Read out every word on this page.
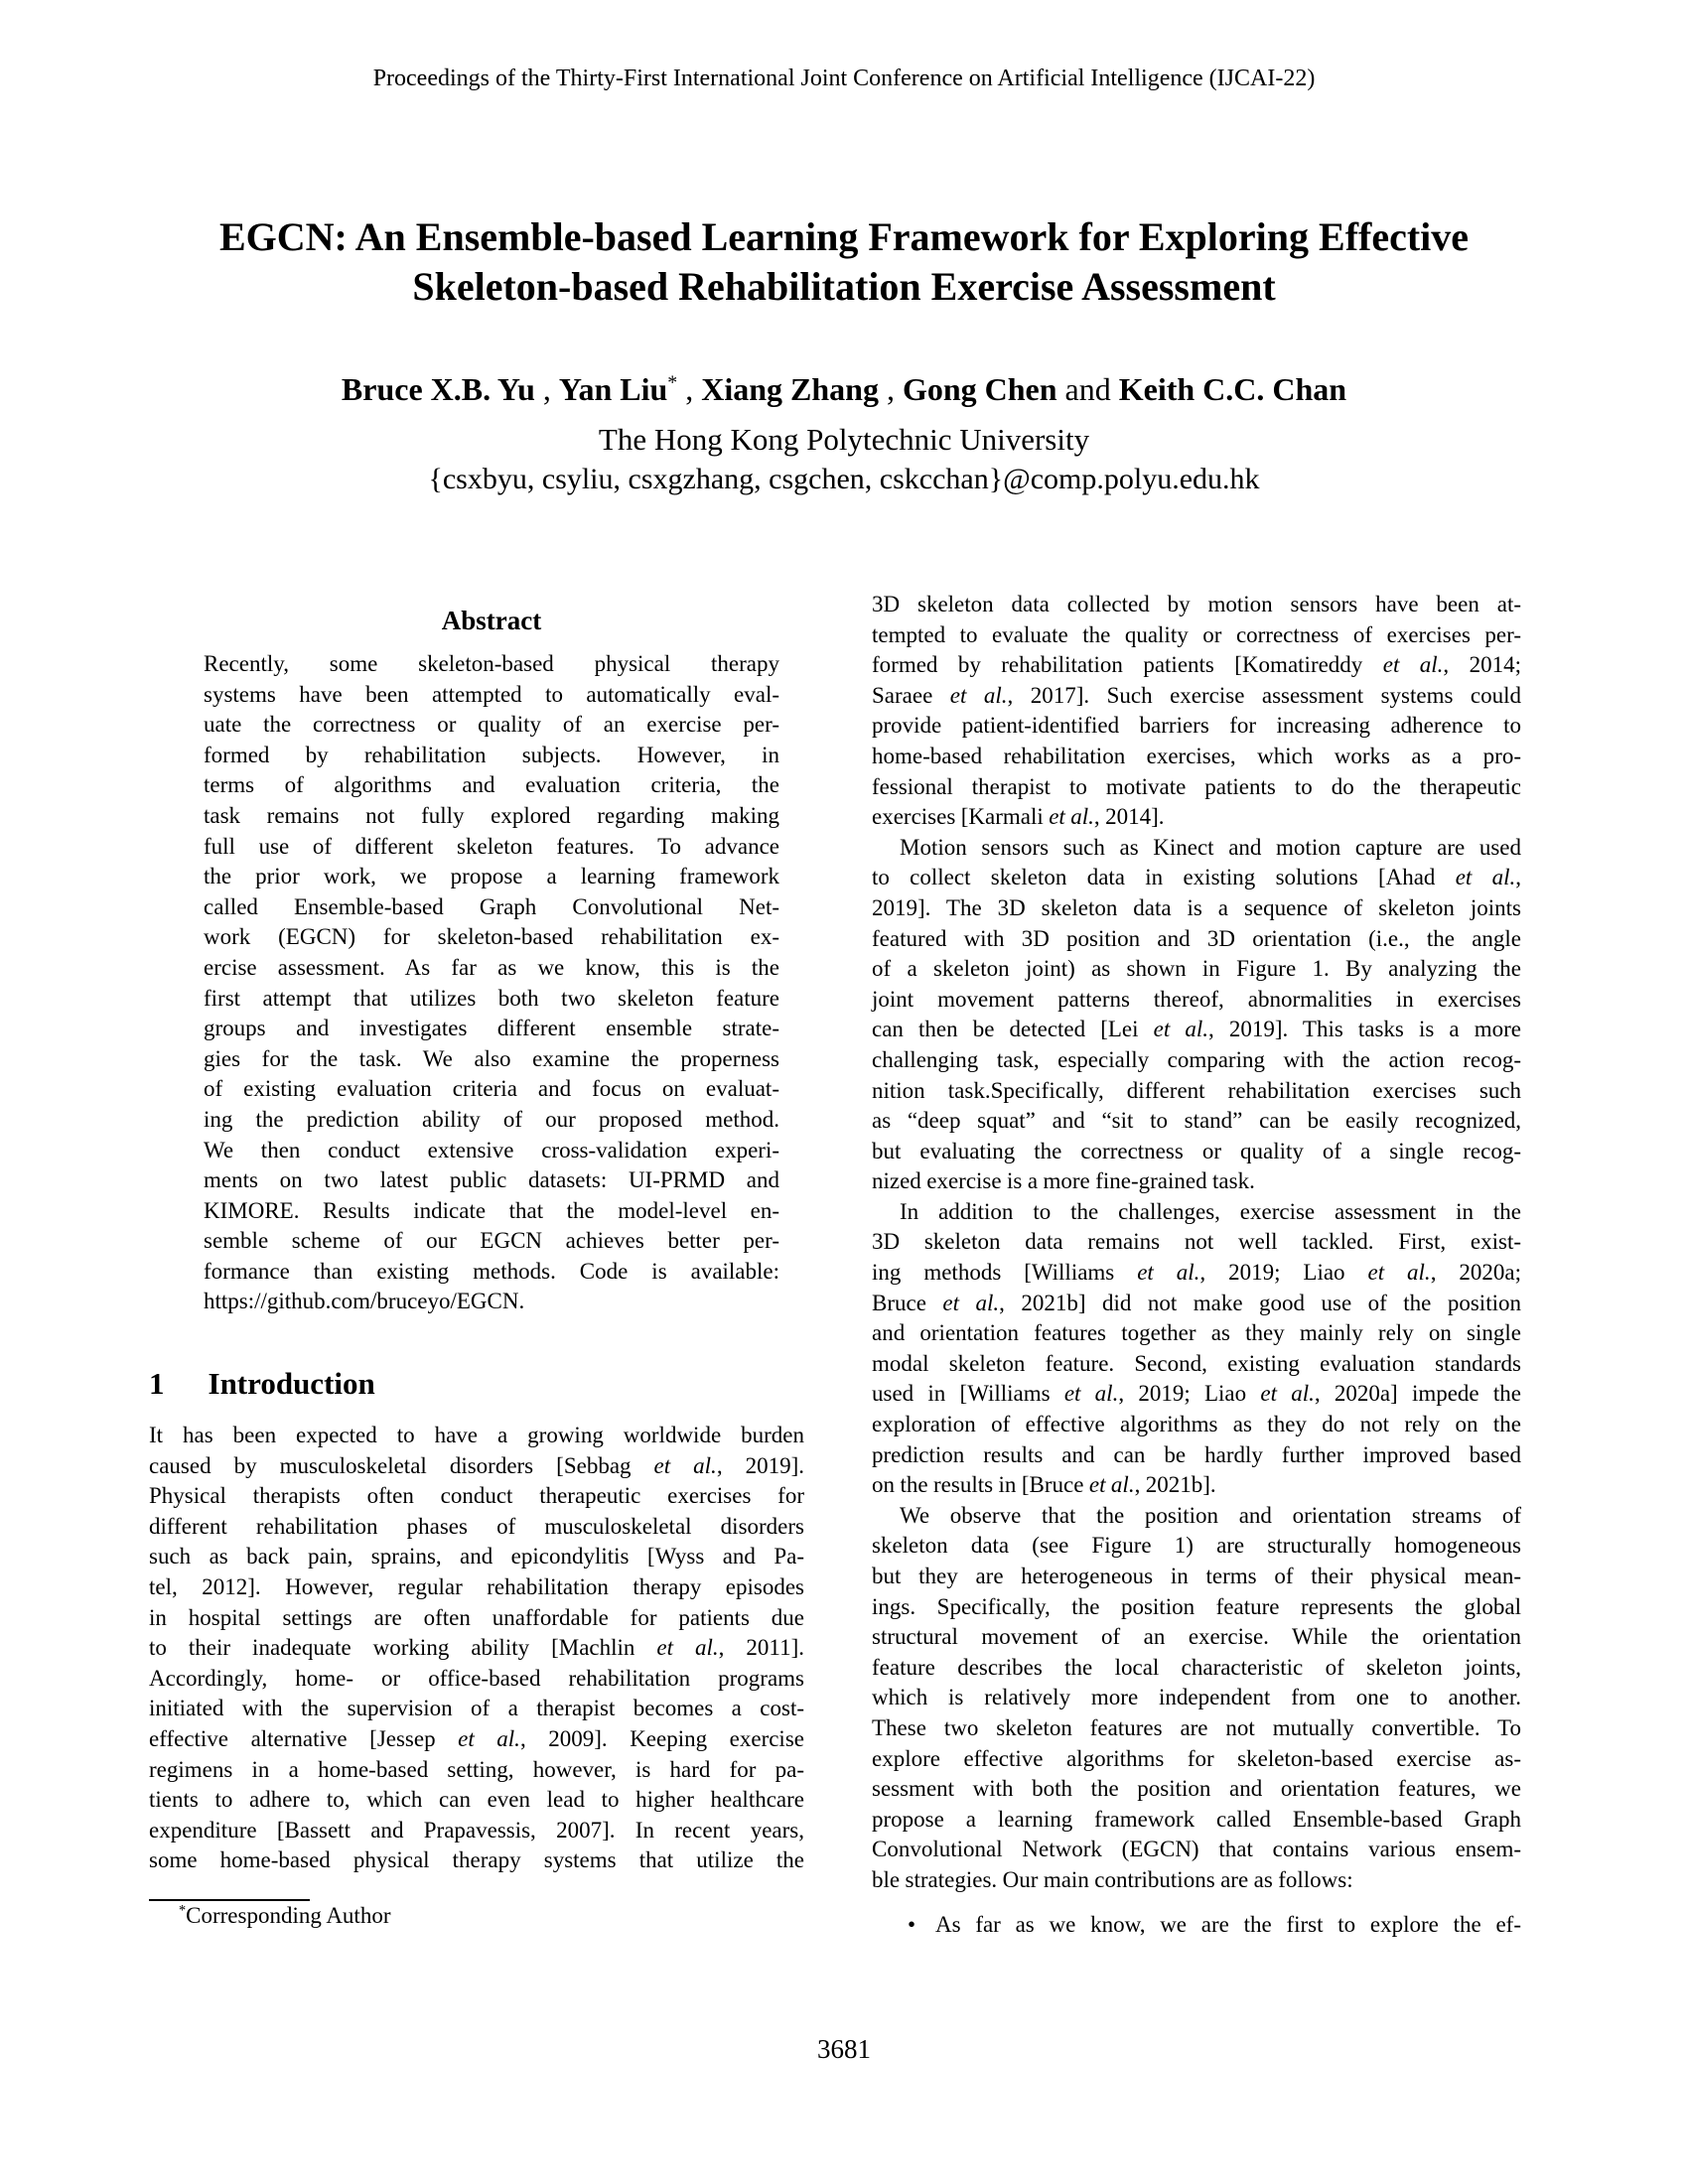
Proceedings of the Thirty-First International Joint Conference on Artificial Intelligence (IJCAI-22)
EGCN: An Ensemble-based Learning Framework for Exploring Effective
Skeleton-based Rehabilitation Exercise Assessment
Bruce X.B. Yu , Yan Liu* , Xiang Zhang , Gong Chen and Keith C.C. Chan
The Hong Kong Polytechnic University
{csxbyu, csyliu, csxgzhang, csgchen, cskcchan}@comp.polyu.edu.hk
Abstract
Recently, some skeleton-based physical therapy
systems have been attempted to automatically eval-
uate the correctness or quality of an exercise per-
formed by rehabilitation subjects. However, in
terms of algorithms and evaluation criteria, the
task remains not fully explored regarding making
full use of different skeleton features. To advance
the prior work, we propose a learning framework
called Ensemble-based Graph Convolutional Net-
work (EGCN) for skeleton-based rehabilitation ex-
ercise assessment. As far as we know, this is the
first attempt that utilizes both two skeleton feature
groups and investigates different ensemble strate-
gies for the task. We also examine the properness
of existing evaluation criteria and focus on evaluat-
ing the prediction ability of our proposed method.
We then conduct extensive cross-validation experi-
ments on two latest public datasets: UI-PRMD and
KIMORE. Results indicate that the model-level en-
semble scheme of our EGCN achieves better per-
formance than existing methods. Code is available:
https://github.com/bruceyo/EGCN.
1 Introduction
It has been expected to have a growing worldwide burden
caused by musculoskeletal disorders [Sebbag et al., 2019].
Physical therapists often conduct therapeutic exercises for
different rehabilitation phases of musculoskeletal disorders
such as back pain, sprains, and epicondylitis [Wyss and Pa-
tel, 2012]. However, regular rehabilitation therapy episodes
in hospital settings are often unaffordable for patients due
to their inadequate working ability [Machlin et al., 2011].
Accordingly, home- or office-based rehabilitation programs
initiated with the supervision of a therapist becomes a cost-
effective alternative [Jessep et al., 2009]. Keeping exercise
regimens in a home-based setting, however, is hard for pa-
tients to adhere to, which can even lead to higher healthcare
expenditure [Bassett and Prapavessis, 2007]. In recent years,
some home-based physical therapy systems that utilize the
*Corresponding Author
3D skeleton data collected by motion sensors have been at-
tempted to evaluate the quality or correctness of exercises per-
formed by rehabilitation patients [Komatireddy et al., 2014;
Saraee et al., 2017]. Such exercise assessment systems could
provide patient-identified barriers for increasing adherence to
home-based rehabilitation exercises, which works as a pro-
fessional therapist to motivate patients to do the therapeutic
exercises [Karmali et al., 2014].
Motion sensors such as Kinect and motion capture are used
to collect skeleton data in existing solutions [Ahad et al.,
2019]. The 3D skeleton data is a sequence of skeleton joints
featured with 3D position and 3D orientation (i.e., the angle
of a skeleton joint) as shown in Figure 1. By analyzing the
joint movement patterns thereof, abnormalities in exercises
can then be detected [Lei et al., 2019]. This tasks is a more
challenging task, especially comparing with the action recog-
nition task.Specifically, different rehabilitation exercises such
as “deep squat” and “sit to stand” can be easily recognized,
but evaluating the correctness or quality of a single recog-
nized exercise is a more fine-grained task.
In addition to the challenges, exercise assessment in the
3D skeleton data remains not well tackled. First, exist-
ing methods [Williams et al., 2019; Liao et al., 2020a;
Bruce et al., 2021b] did not make good use of the position
and orientation features together as they mainly rely on single
modal skeleton feature. Second, existing evaluation standards
used in [Williams et al., 2019; Liao et al., 2020a] impede the
exploration of effective algorithms as they do not rely on the
prediction results and can be hardly further improved based
on the results in [Bruce et al., 2021b].
We observe that the position and orientation streams of
skeleton data (see Figure 1) are structurally homogeneous
but they are heterogeneous in terms of their physical mean-
ings. Specifically, the position feature represents the global
structural movement of an exercise. While the orientation
feature describes the local characteristic of skeleton joints,
which is relatively more independent from one to another.
These two skeleton features are not mutually convertible. To
explore effective algorithms for skeleton-based exercise as-
sessment with both the position and orientation features, we
propose a learning framework called Ensemble-based Graph
Convolutional Network (EGCN) that contains various ensem-
ble strategies. Our main contributions are as follows:
• As far as we know, we are the first to explore the ef-
3681
